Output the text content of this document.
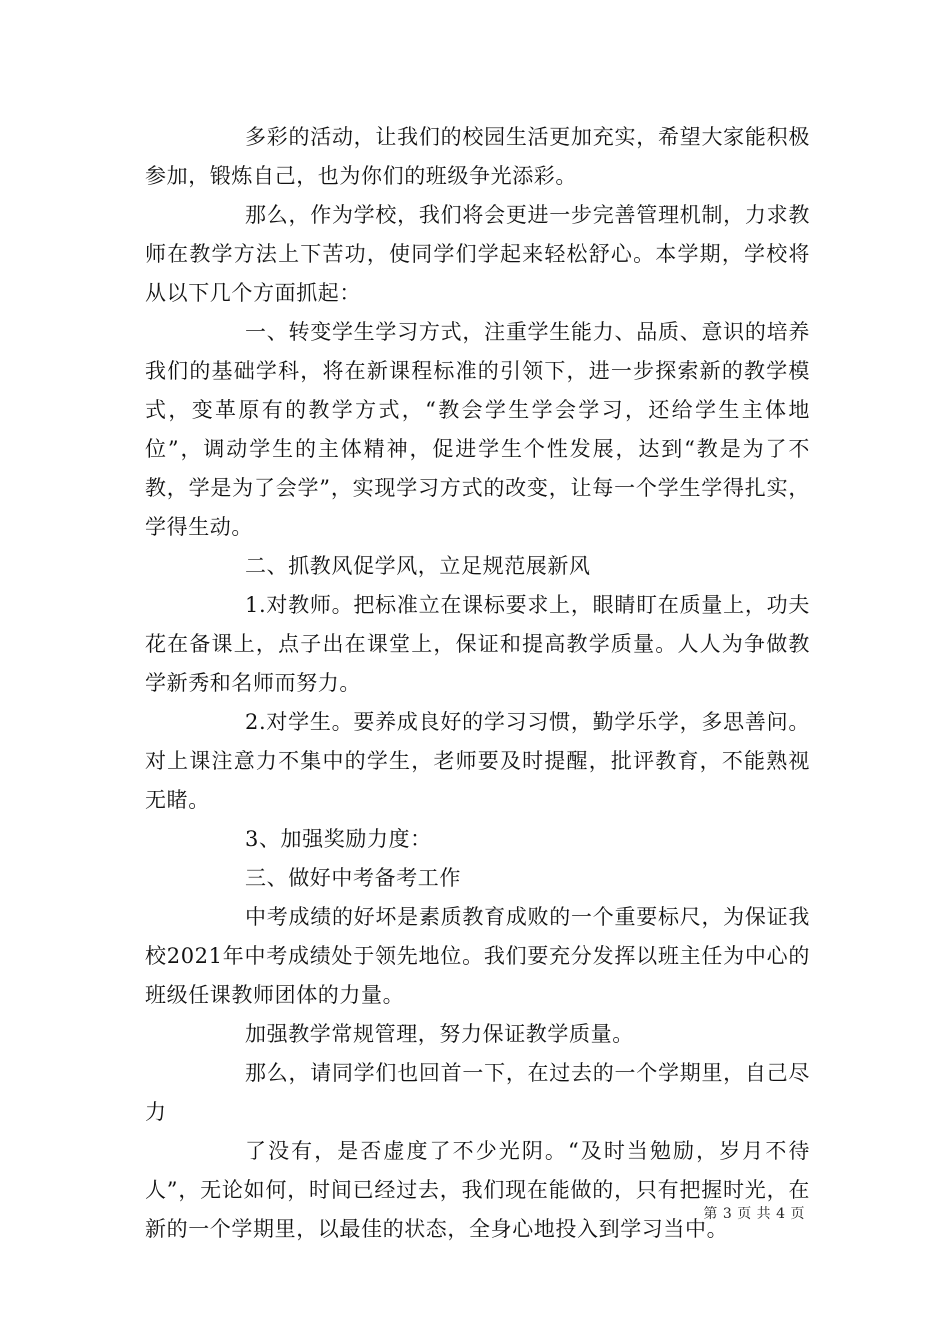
多彩的活动，让我们的校园生活更加充实，希望大家能积极参加，锻炼自己，也为你们的班级争光添彩。

那么，作为学校，我们将会更进一步完善管理机制，力求教师在教学方法上下苦功，使同学们学起来轻松舒心。本学期，学校将从以下几个方面抓起：

一、转变学生学习方式，注重学生能力、品质、意识的培养我们的基础学科，将在新课程标准的引领下，进一步探索新的教学模式，变革原有的教学方式，“教会学生学会学习，还给学生主体地位”，调动学生的主体精神，促进学生个性发展，达到“教是为了不教，学是为了会学”，实现学习方式的改变，让每一个学生学得扎实，学得生动。

二、抓教风促学风，立足规范展新风

1.对教师。把标准立在课标要求上，眼睛盯在质量上，功夫花在备课上，点子出在课堂上，保证和提高教学质量。人人为争做教学新秀和名师而努力。

2.对学生。要养成良好的学习习惯，勤学乐学，多思善问。对上课注意力不集中的学生，老师要及时提醒，批评教育，不能熟视无睹。

3、加强奖励力度：

三、做好中考备考工作

中考成绩的好坏是素质教育成败的一个重要标尺，为保证我校2021年中考成绩处于领先地位。我们要充分发挥以班主任为中心的班级任课教师团体的力量。

加强教学常规管理，努力保证教学质量。

那么，请同学们也回首一下，在过去的一个学期里，自己尽力

了没有，是否虚度了不少光阴。“及时当勉励，岁月不待人”，无论如何，时间已经过去，我们现在能做的，只有把握时光，在新的一个学期里，以最佳的状态，全身心地投入到学习当中。

第 3 页 共 4 页
